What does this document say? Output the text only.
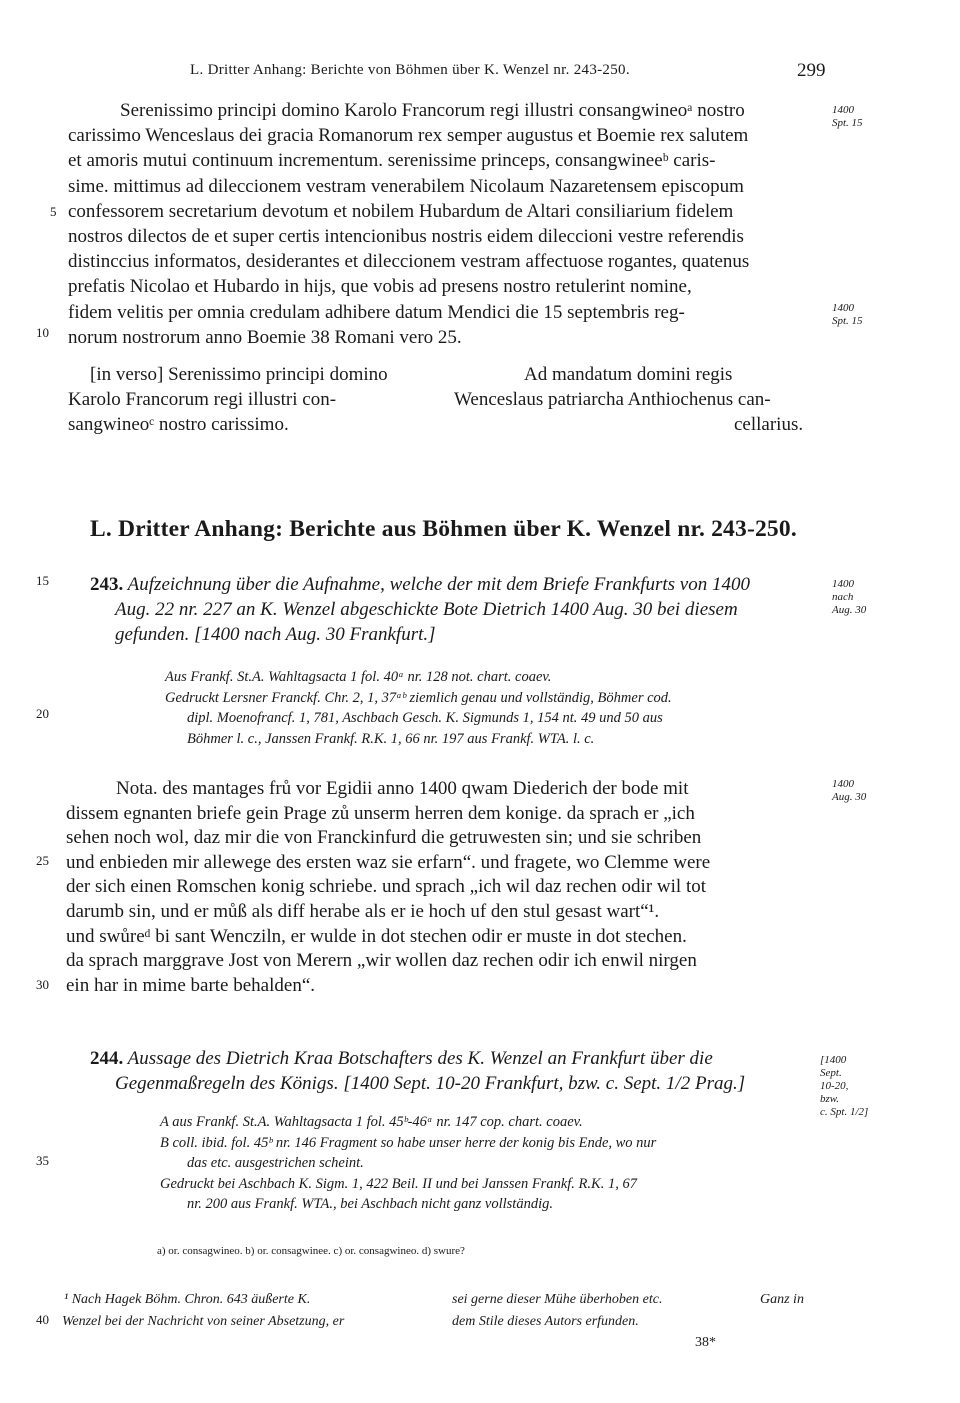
L. Dritter Anhang: Berichte von Böhmen über K. Wenzel nr. 243-250.	299
Serenissimo principi domino Karolo Francorum regi illustri consangwineoᵃ nostro
carissimo Wenceslaus dei gracia Romanorum rex semper augustus et Boemie rex salutem
et amoris mutui continuum incrementum. serenissime princeps, consangwineeᵇ caris-
sime. mittimus ad dileccionem vestram venerabilem Nicolaum Nazaretensem episcopum
confessorem secretarium devotum et nobilem Hubardum de Altari consiliarium fidelem
nostros dilectos de et super certis intencionibus nostris eidem dileccioni vestre referendis
distinccius informatos, desiderantes et dileccionem vestram affectuose rogantes, quatenus
prefatis Nicolao et Hubardo in hijs, que vobis ad presens nostro retulerint nomine,
fidem velitis per omnia credulam adhibere datum Mendici die 15 septembris reg-
norum nostrorum anno Boemie 38 Romani vero 25.
[in verso] Serenissimo principi domino
Karolo Francorum regi illustri con-
sangwineoᶜ nostro carissimo.
Ad mandatum domini regis
Wenceslaus patriarcha Anthiochenus can-
cellarius.
5
10
15
20
25
30
35
40
1400
Spt. 15
1400
Spt. 15
1400
nach
Aug. 30
1400
Aug. 30
[1400
Sept.
10-20,
bzw.
c. Spt. 1/2]
L. Dritter Anhang: Berichte aus Böhmen über K. Wenzel nr. 243-250.
243. Aufzeichnung über die Aufnahme, welche der mit dem Briefe Frankfurts von 1400
Aug. 22 nr. 227 an K. Wenzel abgeschickte Bote Dietrich 1400 Aug. 30 bei diesem
gefunden. [1400 nach Aug. 30 Frankfurt.]
Aus Frankf. St.A. Wahltagsacta 1 fol. 40ᵃ nr. 128 not. chart. coaev.
Gedruckt Lersner Franckf. Chr. 2, 1, 37ᵃᵇ ziemlich genau und vollständig, Böhmer cod.
dipl. Moenofrancf. 1, 781, Aschbach Gesch. K. Sigmunds 1, 154 nt. 49 und 50 aus
Böhmer l. c., Janssen Frankf. R.K. 1, 66 nr. 197 aus Frankf. WTA. l. c.
Nota. des mantages frů vor Egidii anno 1400 qwam Diederich der bode mit
dissem egnanten briefe gein Prage zů unserm herren dem konige. da sprach er „ich
sehen noch wol, daz mir die von Franckinfurd die getruwesten sin; und sie schriben
und enbieden mir allewege des ersten waz sie erfarn“. und fragete, wo Clemme were
der sich einen Romschen konig schriebe. und sprach „ich wil daz rechen odir wil tot
darumb sin, und er můß als diff herabe als er ie hoch uf den stul gesast wart“¹.
und swůreᵈ bi sant Wencziln, er wulde in dot stechen odir er muste in dot stechen.
da sprach marggrave Jost von Merern „wir wollen daz rechen odir ich enwil nirgen
ein har in mime barte behalden“.
244. Aussage des Dietrich Kraa Botschafters des K. Wenzel an Frankfurt über die
Gegenmaßregeln des Königs. [1400 Sept. 10-20 Frankfurt, bzw. c. Sept. 1/2 Prag.]
A aus Frankf. St.A. Wahltagsacta 1 fol. 45ᵇ-46ᵃ nr. 147 cop. chart. coaev.
B coll. ibid. fol. 45ᵇ nr. 146 Fragment so habe unser herre der konig bis Ende, wo nur
das etc. ausgestrichen scheint.
Gedruckt bei Aschbach K. Sigm. 1, 422 Beil. II und bei Janssen Frankf. R.K. 1, 67
nr. 200 aus Frankf. WTA., bei Aschbach nicht ganz vollständig.
a) or. consagwineo. b) or. consagwinee. c) or. consagwineo. d) swure?
¹ Nach Hagek Böhm. Chron. 643 äußerte K.
Wenzel bei der Nachricht von seiner Absetzung, er
sei gerne dieser Mühe überhoben etc.
dem Stile dieses Autors erfunden.
Ganz in
38*
